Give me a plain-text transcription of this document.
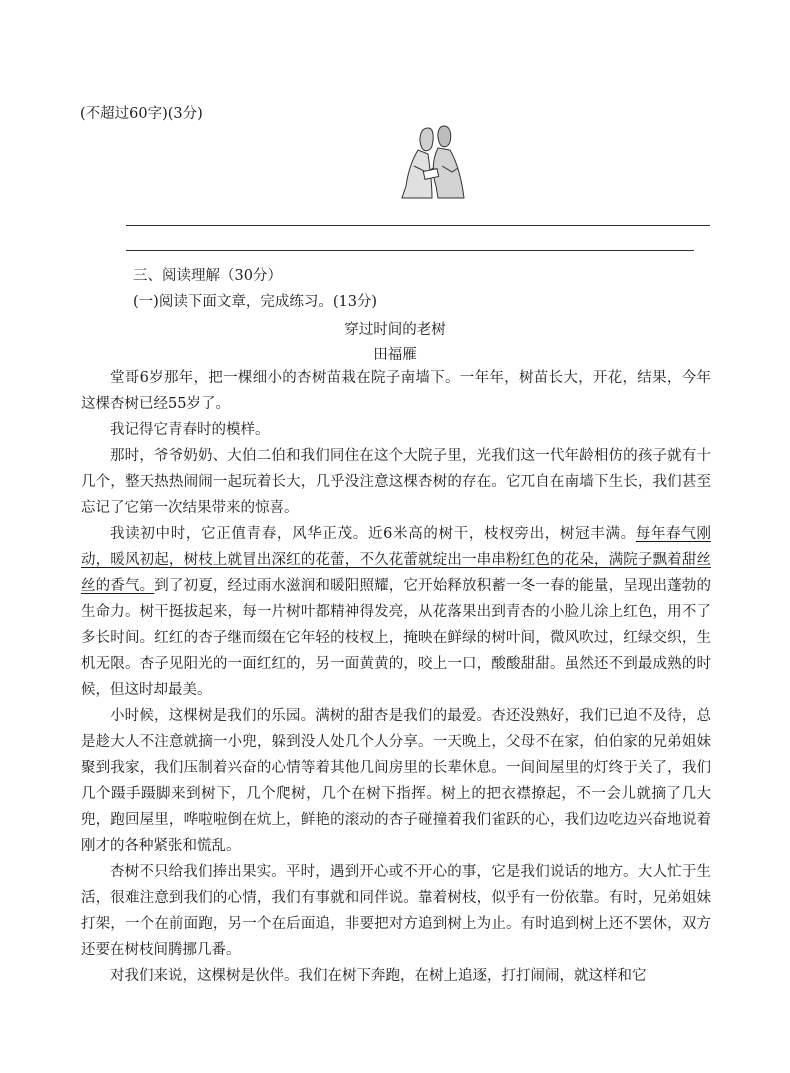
(不超过60字)(3分)
三、阅读理解（30分）
(一)阅读下面文章，完成练习。(13分)
穿过时间的老树
田福雁

堂哥6岁那年，把一棵细小的杏树苗栽在院子南墙下。一年年，树苗长大，开花，结果，今年这棵杏树已经55岁了。

我记得它青春时的模样。

那时，爷爷奶奶、大伯二伯和我们同住在这个大院子里，光我们这一代年龄相仿的孩子就有十几个，整天热热闹闹一起玩着长大，几乎没注意这棵杏树的存在。它兀自在南墙下生长，我们甚至忘记了它第一次结果带来的惊喜。

我读初中时，它正值青春，风华正茂。近6米高的树干，枝杈旁出，树冠丰满。每年春气刚动，暖风初起，树枝上就冒出深红的花蕾，不久花蕾就绽出一串串粉红色的花朵，满院子飘着甜丝丝的香气。到了初夏，经过雨水滋润和暖阳照耀，它开始释放积蓄一冬一春的能量，呈现出蓬勃的生命力。树干挺拔起来，每一片树叶都精神得发亮，从花落果出到青杏的小脸儿涂上红色，用不了多长时间。红红的杏子继而缀在它年轻的枝杈上，掩映在鲜绿的树叶间，微风吹过，红绿交织，生机无限。杏子见阳光的一面红红的，另一面黄黄的，咬上一口，酸酸甜甜。虽然还不到最成熟的时候，但这时却最美。

小时候，这棵树是我们的乐园。满树的甜杏是我们的最爱。杏还没熟好，我们已迫不及待，总是趁大人不注意就摘一小兜，躲到没人处几个人分享。一天晚上，父母不在家，伯伯家的兄弟姐妹聚到我家，我们压制着兴奋的心情等着其他几间房里的长辈休息。一间间屋里的灯终于关了，我们几个蹑手蹑脚来到树下，几个爬树，几个在树下指挥。树上的把衣襟撩起，不一会儿就摘了几大兜，跑回屋里，哗啦啦倒在炕上，鲜艳的滚动的杏子碰撞着我们雀跃的心，我们边吃边兴奋地说着刚才的各种紧张和慌乱。

杏树不只给我们捧出果实。平时，遇到开心或不开心的事，它是我们说话的地方。大人忙于生活，很难注意到我们的心情，我们有事就和同伴说。靠着树枝，似乎有一份依靠。有时，兄弟姐妹打架，一个在前面跑，另一个在后面追，非要把对方追到树上为止。有时追到树上还不罢休，双方还要在树枝间腾挪几番。

对我们来说，这棵树是伙伴。我们在树下奔跑，在树上追逐，打打闹闹，就这样和它
